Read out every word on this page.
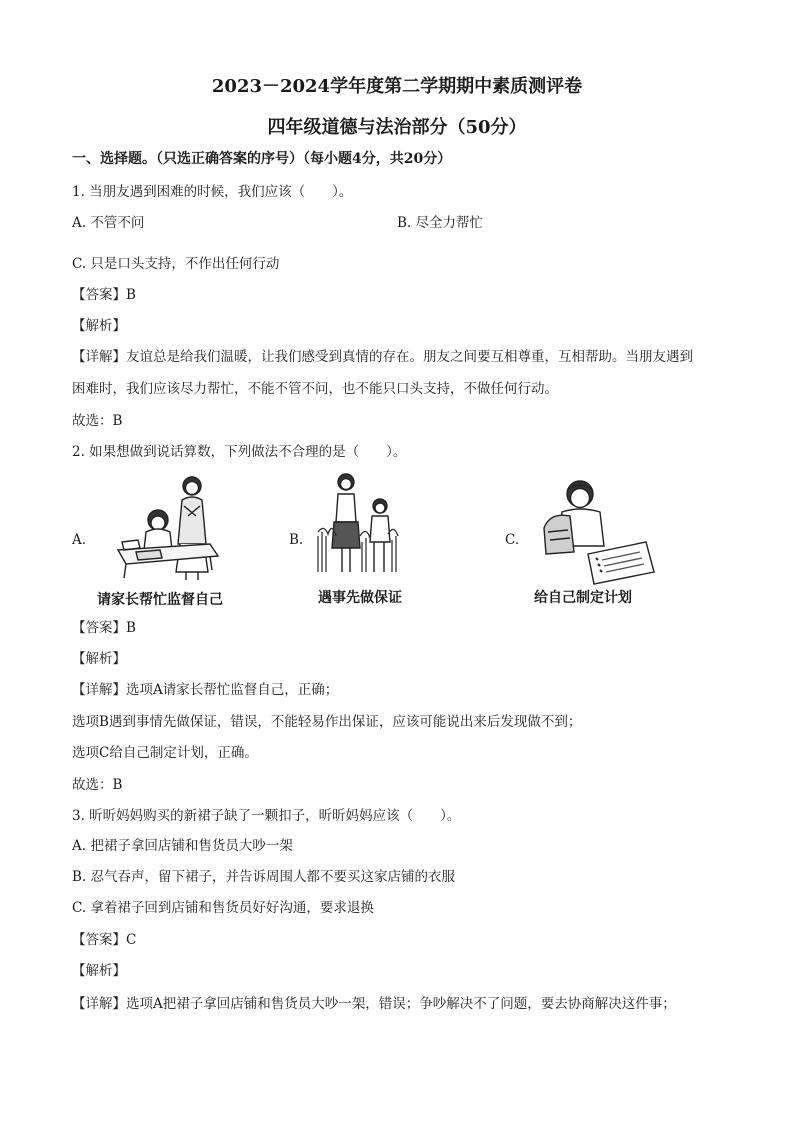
2023－2024学年度第二学期期中素质测评卷
四年级道德与法治部分（50分）
一、选择题。（只选正确答案的序号）（每小题4分，共20分）
1. 当朋友遇到困难的时候，我们应该（　　）。
A. 不管不问	B. 尽全力帮忙
C. 只是口头支持，不作出任何行动
【答案】B
【解析】
【详解】友谊总是给我们温暖，让我们感受到真情的存在。朋友之间要互相尊重，互相帮助。当朋友遇到
困难时，我们应该尽力帮忙，不能不管不问，也不能只口头支持，不做任何行动。
故选：B
2. 如果想做到说话算数，下列做法不合理的是（　　）。
A.	B.	C.
请家长帮忙监督自己	遇事先做保证	给自己制定计划
【答案】B
【解析】
【详解】选项A请家长帮忙监督自己，正确；
选项B遇到事情先做保证，错误，不能轻易作出保证，应该可能说出来后发现做不到；
选项C给自己制定计划，正确。
故选：B
3. 昕昕妈妈购买的新裙子缺了一颗扣子，昕昕妈妈应该（　　）。
A. 把裙子拿回店铺和售货员大吵一架
B. 忍气吞声，留下裙子，并告诉周围人都不要买这家店铺的衣服
C. 拿着裙子回到店铺和售货员好好沟通，要求退换
【答案】C
【解析】
【详解】选项A把裙子拿回店铺和售货员大吵一架，错误；争吵解决不了问题，要去协商解决这件事；
